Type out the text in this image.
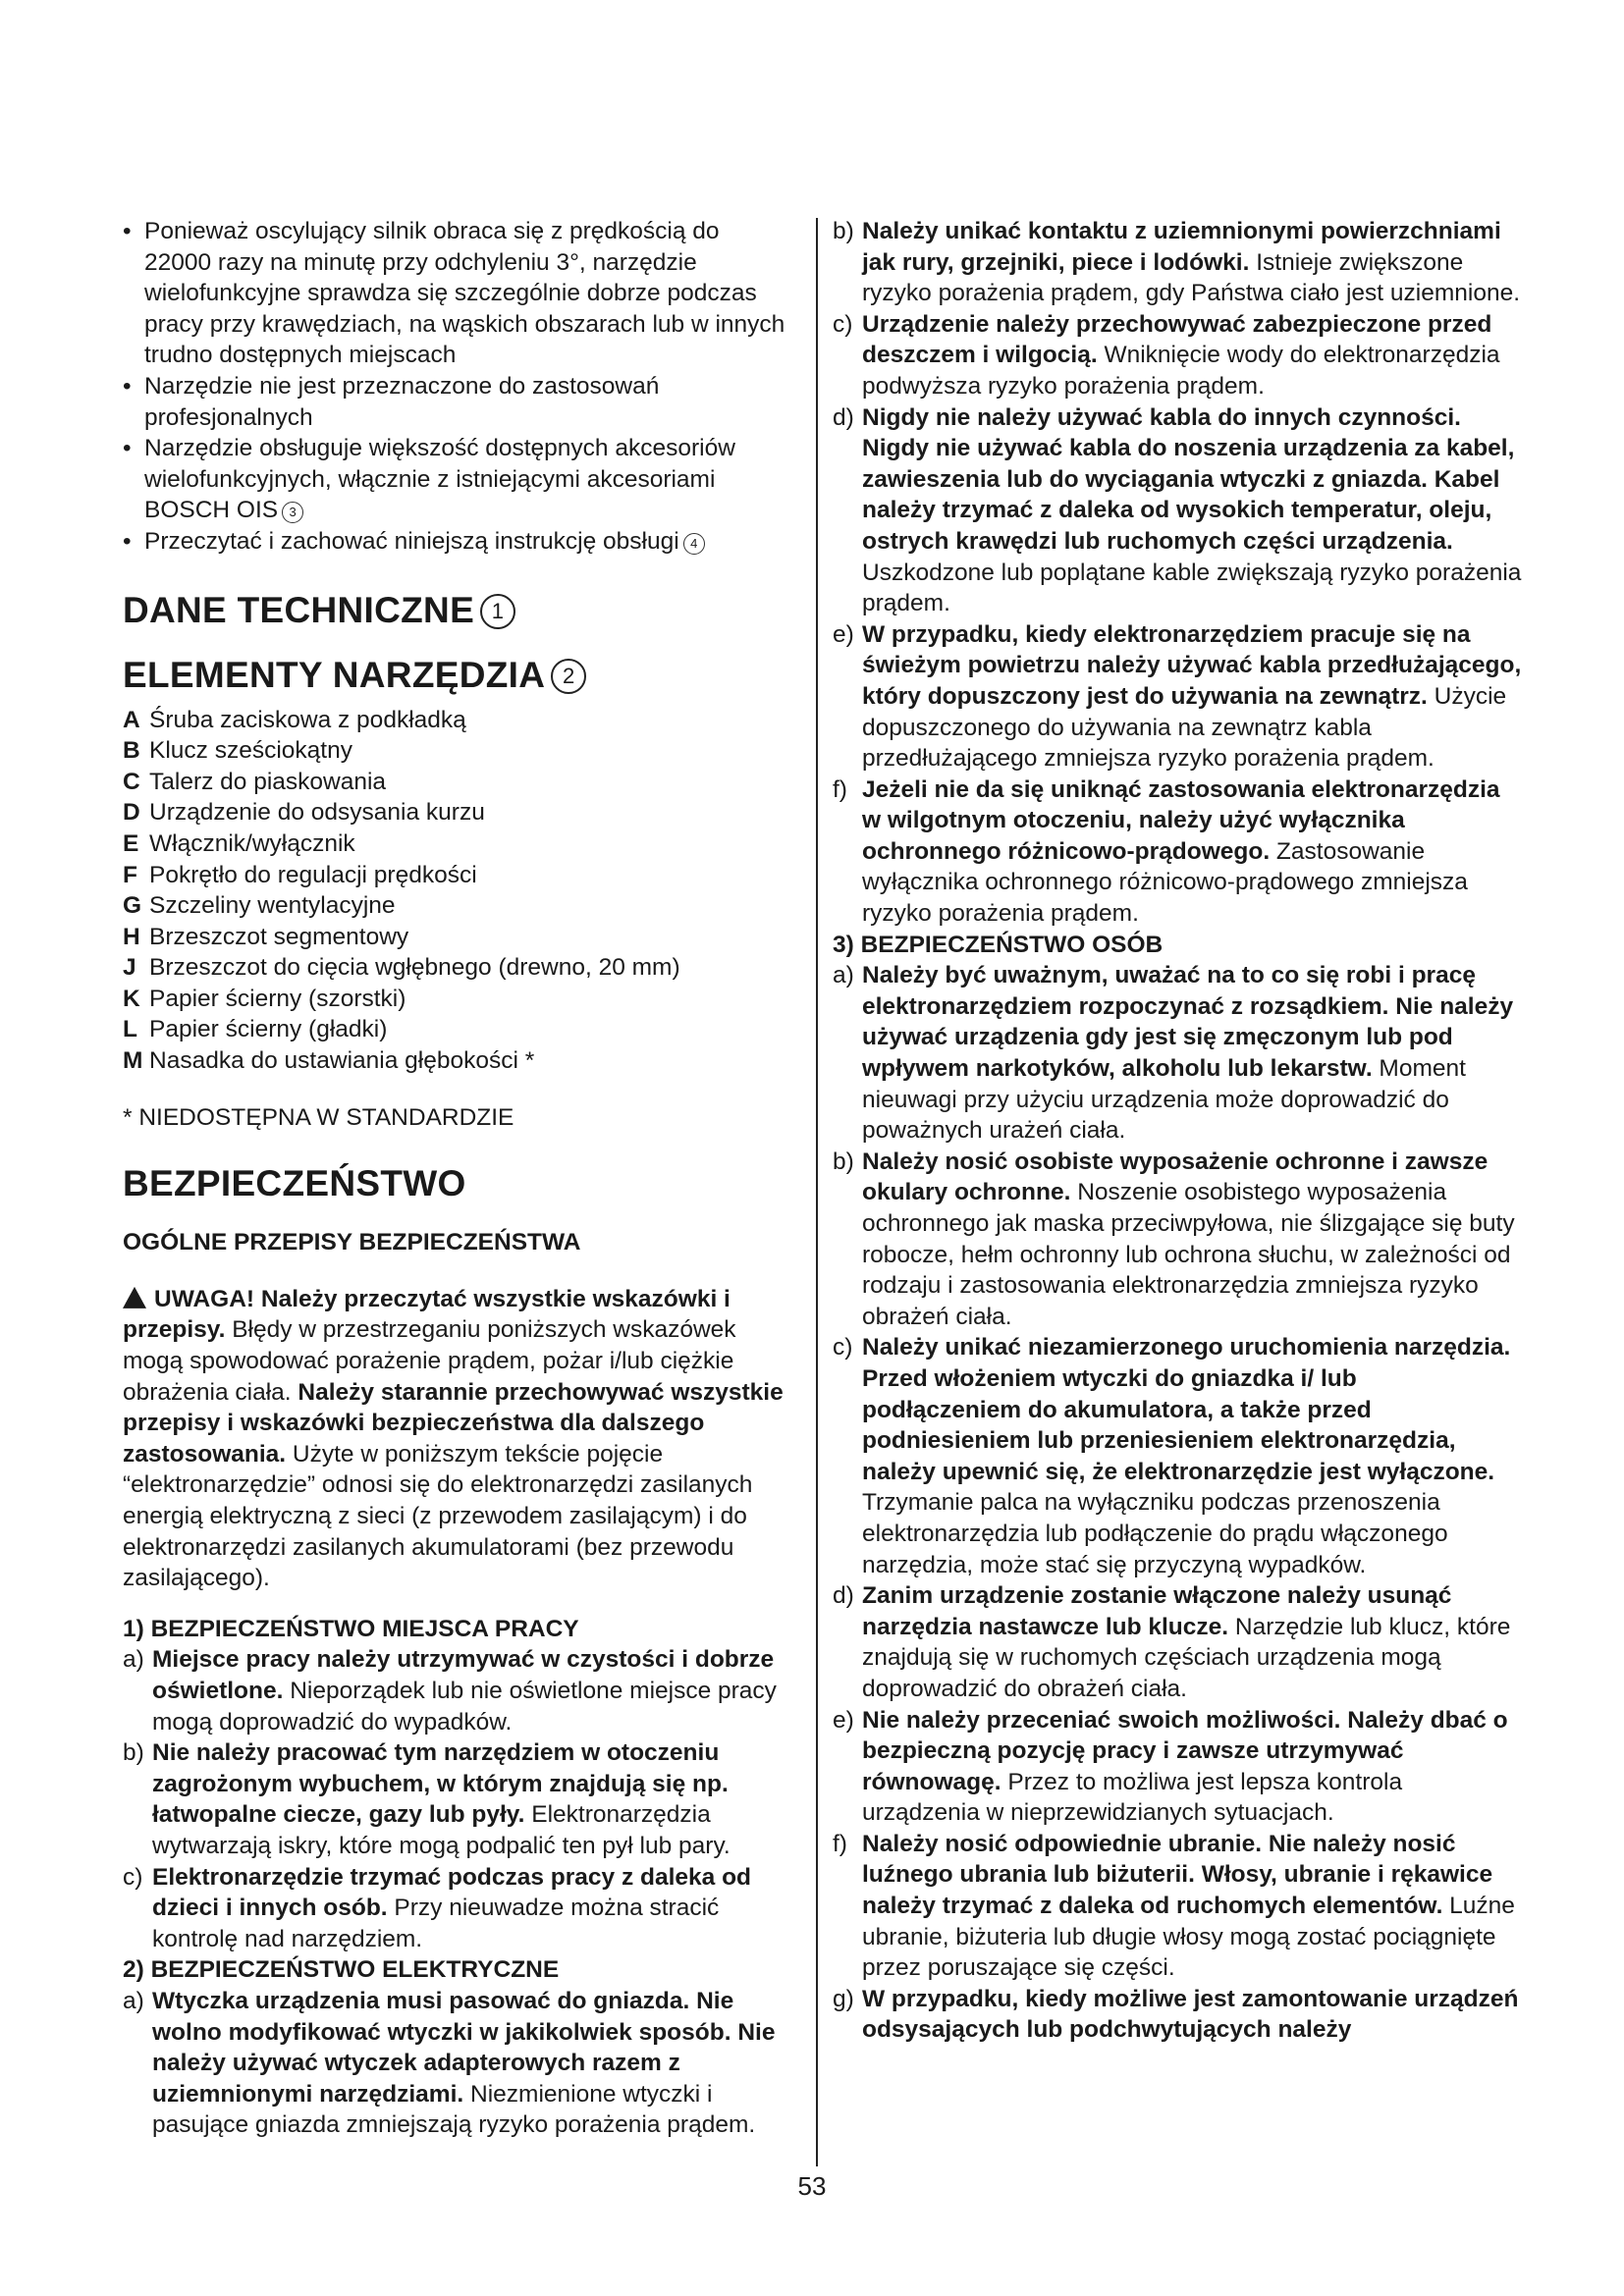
• Ponieważ oscylujący silnik obraca się z prędkością do 22000 razy na minutę przy odchyleniu 3°, narzędzie wielofunkcyjne sprawdza się szczególnie dobrze podczas pracy przy krawędziach, na wąskich obszarach lub w innych trudno dostępnych miejscach
• Narzędzie nie jest przeznaczone do zastosowań profesjonalnych
• Narzędzie obsługuje większość dostępnych akcesoriów wielofunkcyjnych, włącznie z istniejącymi akcesoriami BOSCH OIS 3
• Przeczytać i zachować niniejszą instrukcję obsługi 4
DANE TECHNICZNE 1
ELEMENTY NARZĘDZIA 2
A Śruba zaciskowa z podkładką
B Klucz sześciokątny
C Talerz do piaskowania
D Urządzenie do odsysania kurzu
E Włącznik/wyłącznik
F Pokrętło do regulacji prędkości
G Szczeliny wentylacyjne
H Brzeszczot segmentowy
J Brzeszczot do cięcia wgłębnego (drewno, 20 mm)
K Papier ścierny (szorstki)
L Papier ścierny (gładki)
M Nasadka do ustawiania głębokości *
* NIEDOSTĘPNA W STANDARDZIE
BEZPIECZEŃSTWO
OGÓLNE PRZEPISY BEZPIECZEŃSTWA
UWAGA! Należy przeczytać wszystkie wskazówki i przepisy. Błędy w przestrzeganiu poniższych wskazówek mogą spowodować porażenie prądem, pożar i/lub ciężkie obrażenia ciała. Należy starannie przechowywać wszystkie przepisy i wskazówki bezpieczeństwa dla dalszego zastosowania. Użyte w poniższym tekście pojęcie “elektronarzędzie” odnosi się do elektronarzędzi zasilanych energią elektryczną z sieci (z przewodem zasilającym) i do elektronarzędzi zasilanych akumulatorami (bez przewodu zasilającego).
1) BEZPIECZEŃSTWO MIEJSCA PRACY
a) Miejsce pracy należy utrzymywać w czystości i dobrze oświetlone. Nieporządek lub nie oświetlone miejsce pracy mogą doprowadzić do wypadków.
b) Nie należy pracować tym narzędziem w otoczeniu zagrożonym wybuchem, w którym znajdują się np. łatwopalne ciecze, gazy lub pyły. Elektronarzędzia wytwarzają iskry, które mogą podpalić ten pył lub pary.
c) Elektronarzędzie trzymać podczas pracy z daleka od dzieci i innych osób. Przy nieuwadze można stracić kontrolę nad narzędziem.
2) BEZPIECZEŃSTWO ELEKTRYCZNE
a) Wtyczka urządzenia musi pasować do gniazda. Nie wolno modyfikować wtyczki w jakikolwiek sposób. Nie należy używać wtyczek adapterowych razem z uziemnionymi narzędziami. Niezmienione wtyczki i pasujące gniazda zmniejszają ryzyko porażenia prądem.
b) Należy unikać kontaktu z uziemnionymi powierzchniami jak rury, grzejniki, piece i lodówki. Istnieje zwiększone ryzyko porażenia prądem, gdy Państwa ciało jest uziemnione.
c) Urządzenie należy przechowywać zabezpieczone przed deszczem i wilgocią. Wniknięcie wody do elektronarzędzia podwyższa ryzyko porażenia prądem.
d) Nigdy nie należy używać kabla do innych czynności. Nigdy nie używać kabla do noszenia urządzenia za kabel, zawieszenia lub do wyciągania wtyczki z gniazda. Kabel należy trzymać z daleka od wysokich temperatur, oleju, ostrych krawędzi lub ruchomych części urządzenia. Uszkodzone lub poplątane kable zwiększają ryzyko porażenia prądem.
e) W przypadku, kiedy elektronarzędziem pracuje się na świeżym powietrzu należy używać kabla przedłużającego, który dopuszczony jest do używania na zewnątrz. Użycie dopuszczonego do używania na zewnątrz kabla przedłużającego zmniejsza ryzyko porażenia prądem.
f) Jeżeli nie da się uniknąć zastosowania elektronarzędzia w wilgotnym otoczeniu, należy użyć wyłącznika ochronnego różnicowo-prądowego. Zastosowanie wyłącznika ochronnego różnicowo-prądowego zmniejsza ryzyko porażenia prądem.
3) BEZPIECZEŃSTWO OSÓB
a) Należy być uważnym, uważać na to co się robi i pracę elektronarzędziem rozpoczynać z rozsądkiem. Nie należy używać urządzenia gdy jest się zmęczonym lub pod wpływem narkotyków, alkoholu lub lekarstw. Moment nieuwagi przy użyciu urządzenia może doprowadzić do poważnych urażeń ciała.
b) Należy nosić osobiste wyposażenie ochronne i zawsze okulary ochronne. Noszenie osobistego wyposażenia ochronnego jak maska przeciwpyłowa, nie ślizgające się buty robocze, hełm ochronny lub ochrona słuchu, w zależności od rodzaju i zastosowania elektronarzędzia zmniejsza ryzyko obrażeń ciała.
c) Należy unikać niezamierzonego uruchomienia narzędzia. Przed włożeniem wtyczki do gniazdka i/ lub podłączeniem do akumulatora, a także przed podniesieniem lub przeniesieniem elektronarzędzia, należy upewnić się, że elektronarzędzie jest wyłączone. Trzymanie palca na wyłączniku podczas przenoszenia elektronarzędzia lub podłączenie do prądu włączonego narzędzia, może stać się przyczyną wypadków.
d) Zanim urządzenie zostanie włączone należy usunąć narzędzia nastawcze lub klucze. Narzędzie lub klucz, które znajdują się w ruchomych częściach urządzenia mogą doprowadzić do obrażeń ciała.
e) Nie należy przeceniać swoich możliwości. Należy dbać o bezpieczną pozycję pracy i zawsze utrzymywać równowagę. Przez to możliwa jest lepsza kontrola urządzenia w nieprzewidzianych sytuacjach.
f) Należy nosić odpowiednie ubranie. Nie należy nosić luźnego ubrania lub biżuterii. Włosy, ubranie i rękawice należy trzymać z daleka od ruchomych elementów. Luźne ubranie, biżuteria lub długie włosy mogą zostać pociągnięte przez poruszające się części.
g) W przypadku, kiedy możliwe jest zamontowanie urządzeń odsysających lub podchwytujących należy
53
